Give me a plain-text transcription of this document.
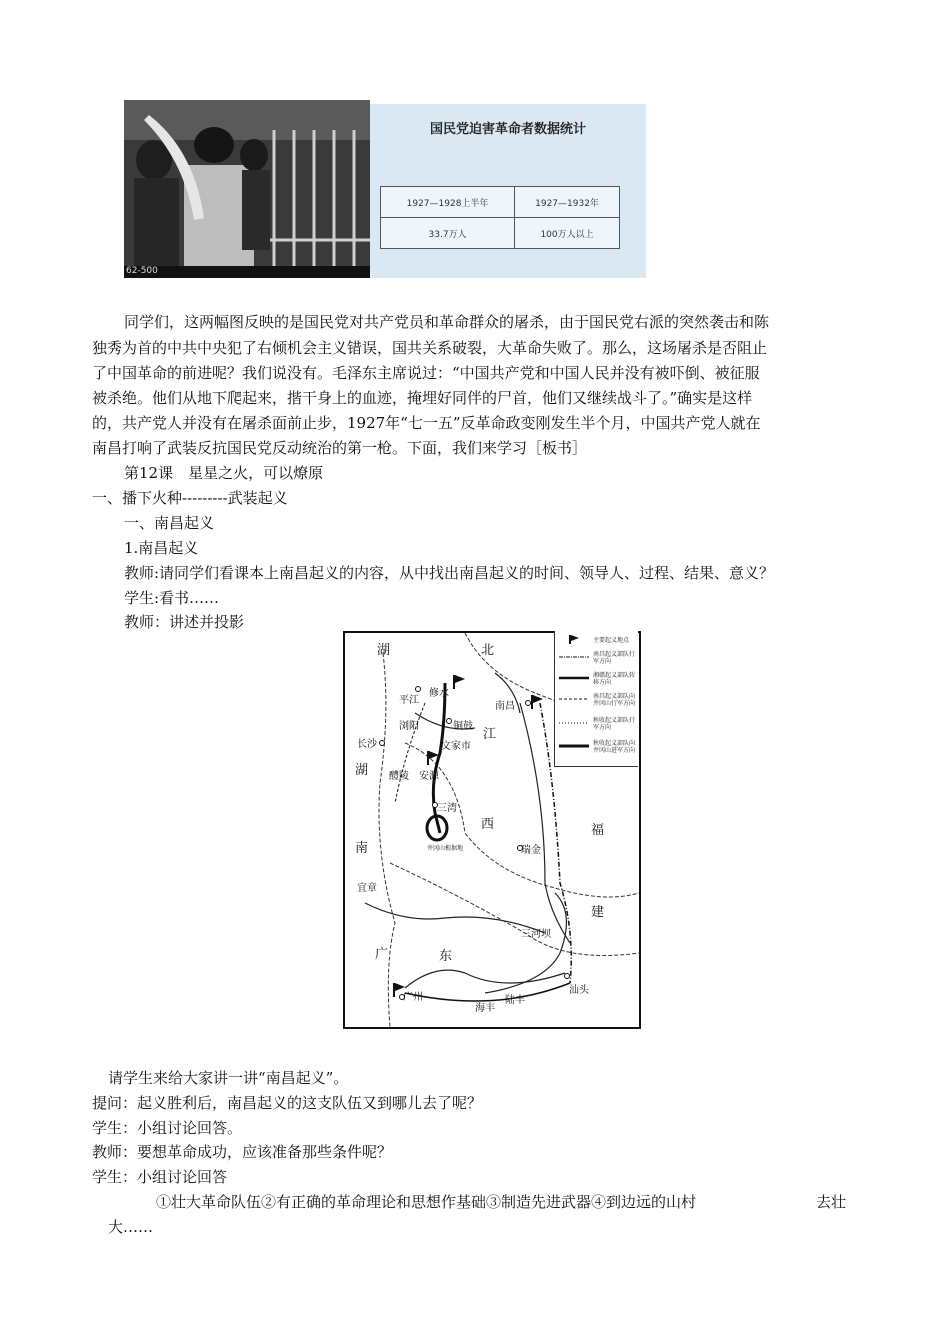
62-500
国民党迫害革命者数据统计
1927—1928上半年	1927—1932年
33.7万人	100万人以上
同学们，这两幅图反映的是国民党对共产党员和革命群众的屠杀，由于国民党右派的突然袭击和陈
独秀为首的中共中央犯了右倾机会主义错误，国共关系破裂，大革命失败了。那么，这场屠杀是否阻止
了中国革命的前进呢？我们说没有。毛泽东主席说过：“中国共产党和中国人民并没有被吓倒、被征服
被杀绝。他们从地下爬起来，揩干身上的血迹，掩埋好同伴的尸首，他们又继续战斗了。”确实是这样
的，共产党人并没有在屠杀面前止步，1927年“七一五”反革命政变刚发生半个月，中国共产党人就在
南昌打响了武装反抗国民党反动统治的第一枪。下面，我们来学习［板书］
第12课　星星之火，可以燎原
一、播下火种---------武装起义
一、南昌起义
1.南昌起义
教师:请同学们看课本上南昌起义的内容，从中找出南昌起义的时间、领导人、过程、结果、意义？
学生:看书……
教师：讲述并投影
湖	北
江
湖
西
南
福
建
广	东
平江
修水
铜鼓
南昌
浏阳
文家市
长沙
醴陵 安源
三湾
井冈山根据地	瑞金
宜章
三河坝
广州
汕头
陆丰
海丰
主要起义地点
南昌起义部队行军方向
湘赣起义部队转移方向
南昌起义部队向井冈山行军方向
秋收起义部队行军方向
秋收起义部队向井冈山进军方向
请学生来给大家讲一讲“南昌起义”。
提问：起义胜利后，南昌起义的这支队伍又到哪儿去了呢？
学生：小组讨论回答。
教师：要想革命成功，应该准备那些条件呢？
学生：小组讨论回答
①壮大革命队伍②有正确的革命理论和思想作基础③制造先进武器④到边远的山村	去壮
大……
